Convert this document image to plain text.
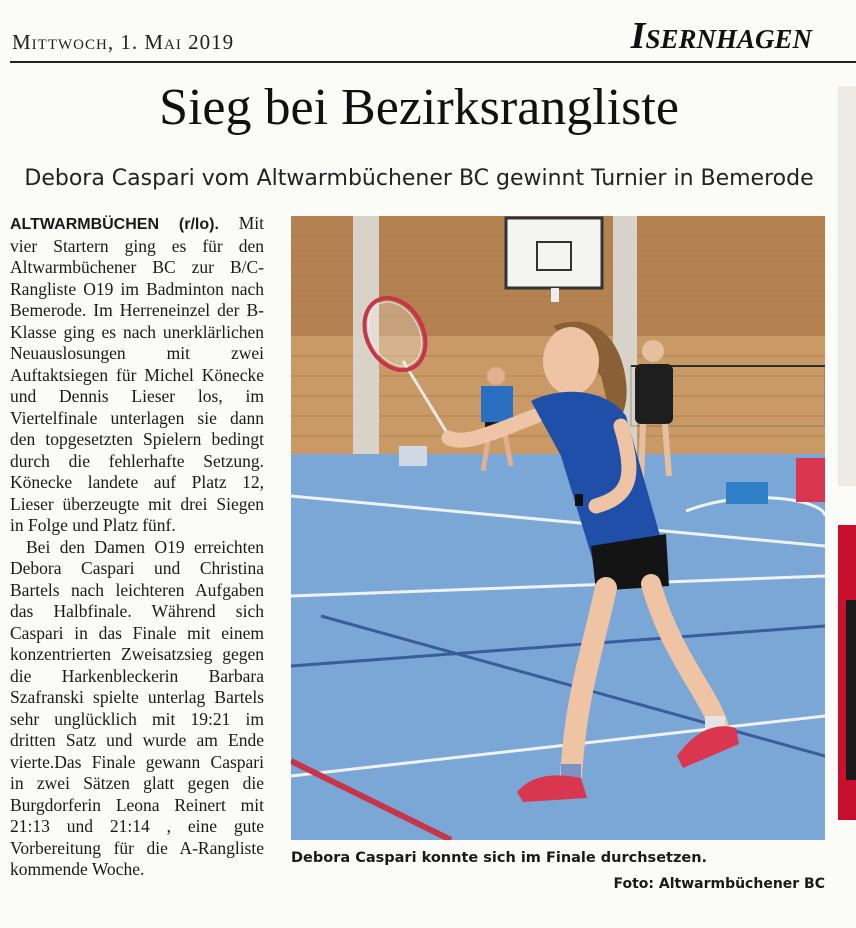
Mittwoch, 1. Mai 2019	Isernhagen
Sieg bei Bezirksrangliste
Debora Caspari vom Altwarmbüchener BC gewinnt Turnier in Bemerode

ALTWARMBÜCHEN (r/lo). Mit vier Startern ging es für den Altwarmbüchener BC zur B/C-Rangliste O19 im Badminton nach Bemerode. Im Herreneinzel der B-Klasse ging es nach unerklärlichen Neuauslosungen mit zwei Auftaktsiegen für Michel Könecke und Dennis Lieser los, im Viertelfinale unterlagen sie dann den topgesetzten Spielern bedingt durch die fehlerhafte Setzung. Könecke landete auf Platz 12, Lieser überzeugte mit drei Siegen in Folge und Platz fünf.

Bei den Damen O19 erreichten Debora Caspari und Christina Bartels nach leichteren Aufgaben das Halbfinale. Während sich Caspari in das Finale mit einem konzentrierten Zweisatzsieg gegen die Harkenbleckerin Barbara Szafranski spielte unterlag Bartels sehr unglücklich mit 19:21 im dritten Satz und wurde am Ende vierte.Das Finale gewann Caspari in zwei Sätzen glatt gegen die Burgdorferin Leona Reinert mit 21:13 und 21:14 , eine gute Vorbereitung für die A-Rangliste kommende Woche.

Debora Caspari konnte sich im Finale durchsetzen.
Foto: Altwarmbüchener BC
